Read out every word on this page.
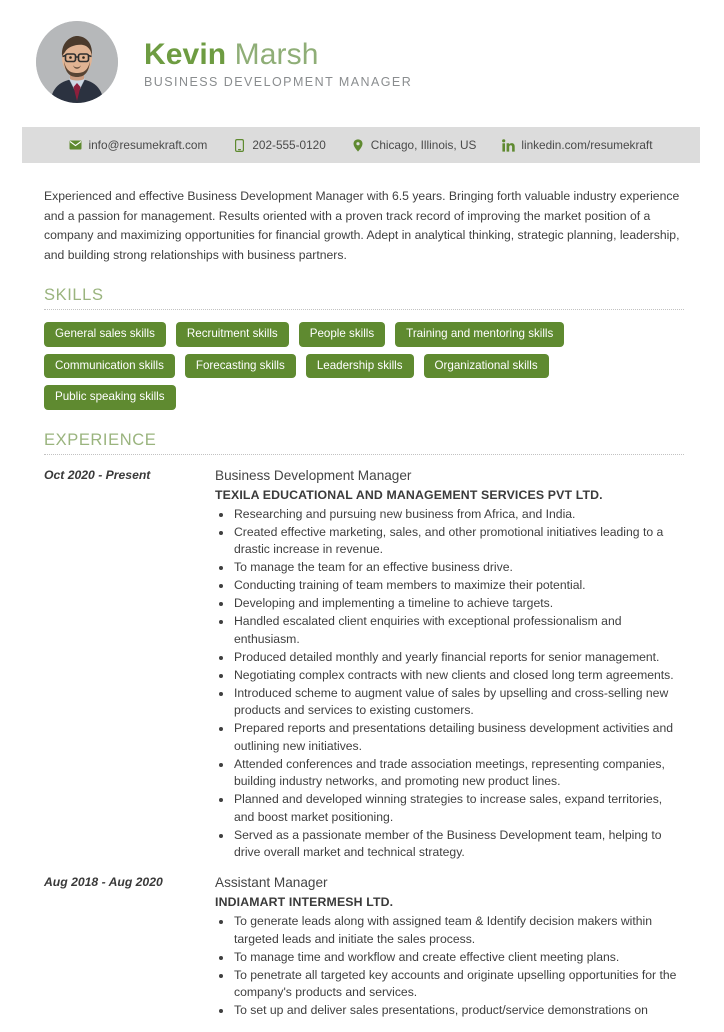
Kevin Marsh
BUSINESS DEVELOPMENT MANAGER
info@resumekraft.com	202-555-0120	Chicago, Illinois, US	linkedin.com/resumekraft

Experienced and effective Business Development Manager with 6.5 years. Bringing forth valuable industry experience and a passion for management. Results oriented with a proven track record of improving the market position of a company and maximizing opportunities for financial growth. Adept in analytical thinking, strategic planning, leadership, and building strong relationships with business partners.

SKILLS
General sales skills	Recruitment skills	People skills	Training and mentoring skills
Communication skills	Forecasting skills	Leadership skills	Organizational skills
Public speaking skills
EXPERIENCE
Oct 2020 - Present	Business Development Manager
TEXILA EDUCATIONAL AND MANAGEMENT SERVICES PVT LTD.
Researching and pursuing new business from Africa, and India.
Created effective marketing, sales, and other promotional initiatives leading to a drastic increase in revenue.
To manage the team for an effective business drive.
Conducting training of team members to maximize their potential.
Developing and implementing a timeline to achieve targets.
Handled escalated client enquiries with exceptional professionalism and enthusiasm.
Produced detailed monthly and yearly financial reports for senior management.
Negotiating complex contracts with new clients and closed long term agreements.
Introduced scheme to augment value of sales by upselling and cross-selling new products and services to existing customers.
Prepared reports and presentations detailing business development activities and outlining new initiatives.
Attended conferences and trade association meetings, representing companies, building industry networks, and promoting new product lines.
Planned and developed winning strategies to increase sales, expand territories, and boost market positioning.
Served as a passionate member of the Business Development team, helping to drive overall market and technical strategy.
Aug 2018 - Aug 2020	Assistant Manager
INDIAMART INTERMESH LTD.
To generate leads along with assigned team & Identify decision makers within targeted leads and initiate the sales process.
To manage time and workflow and create effective client meeting plans.
To penetrate all targeted key accounts and originate upselling opportunities for the company's products and services.
To set up and deliver sales presentations, product/service demonstrations on
